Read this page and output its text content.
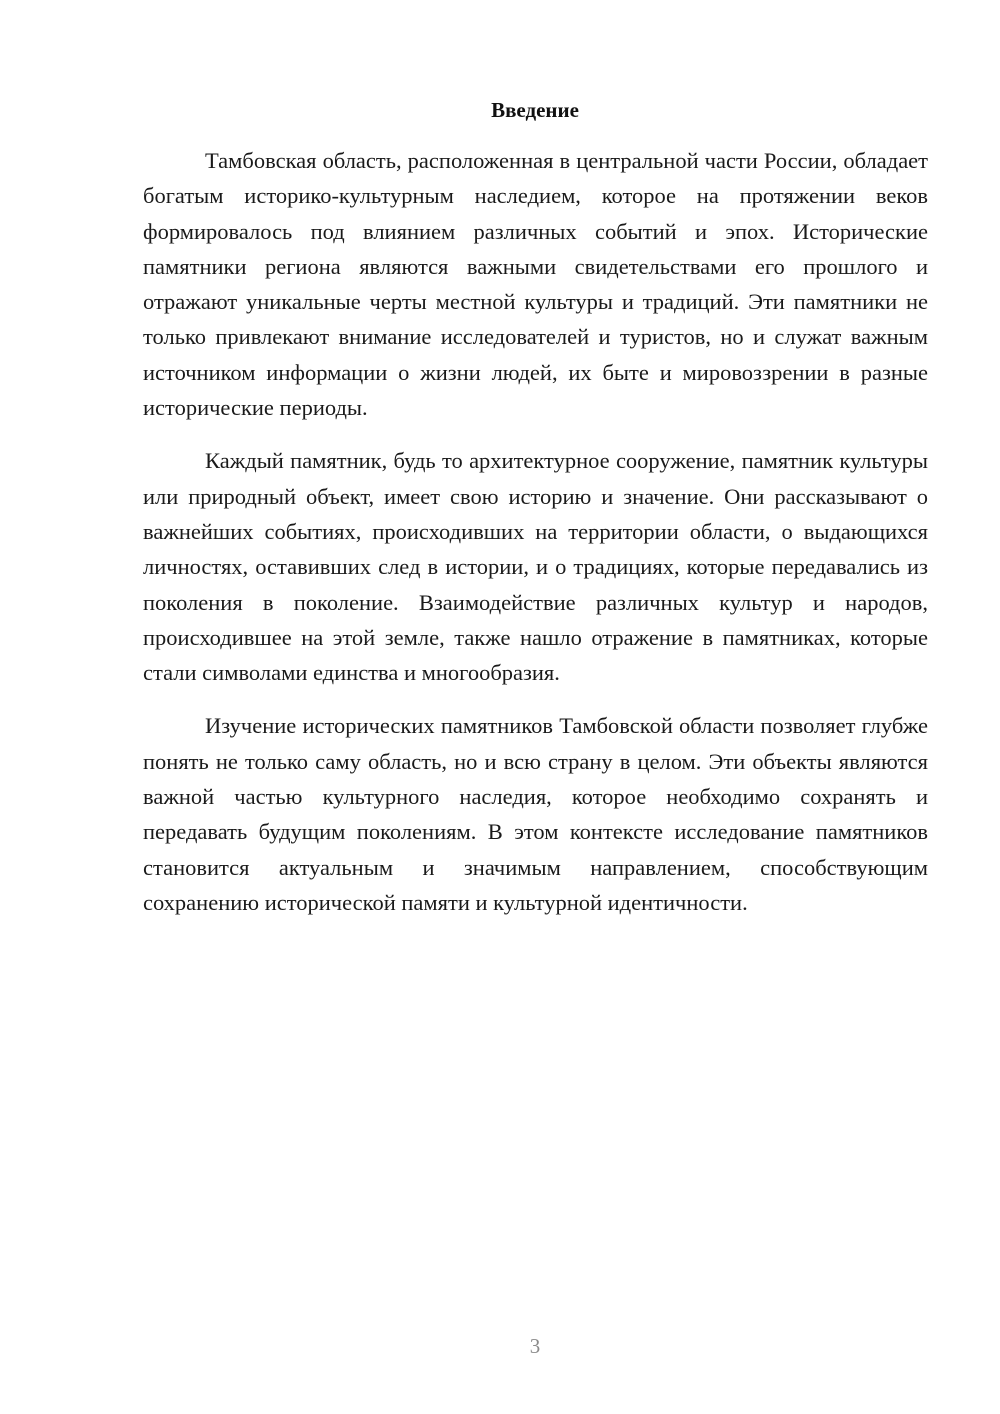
Введение

Тамбовская область, расположенная в центральной части России, обладает богатым историко-культурным наследием, которое на протяжении веков формировалось под влиянием различных событий и эпох. Исторические памятники региона являются важными свидетельствами его прошлого и отражают уникальные черты местной культуры и традиций. Эти памятники не только привлекают внимание исследователей и туристов, но и служат важным источником информации о жизни людей, их быте и мировоззрении в разные исторические периоды.

Каждый памятник, будь то архитектурное сооружение, памятник культуры или природный объект, имеет свою историю и значение. Они рассказывают о важнейших событиях, происходивших на территории области, о выдающихся личностях, оставивших след в истории, и о традициях, которые передавались из поколения в поколение. Взаимодействие различных культур и народов, происходившее на этой земле, также нашло отражение в памятниках, которые стали символами единства и многообразия.

Изучение исторических памятников Тамбовской области позволяет глубже понять не только саму область, но и всю страну в целом. Эти объекты являются важной частью культурного наследия, которое необходимо сохранять и передавать будущим поколениям. В этом контексте исследование памятников становится актуальным и значимым направлением, способствующим сохранению исторической памяти и культурной идентичности.

3
